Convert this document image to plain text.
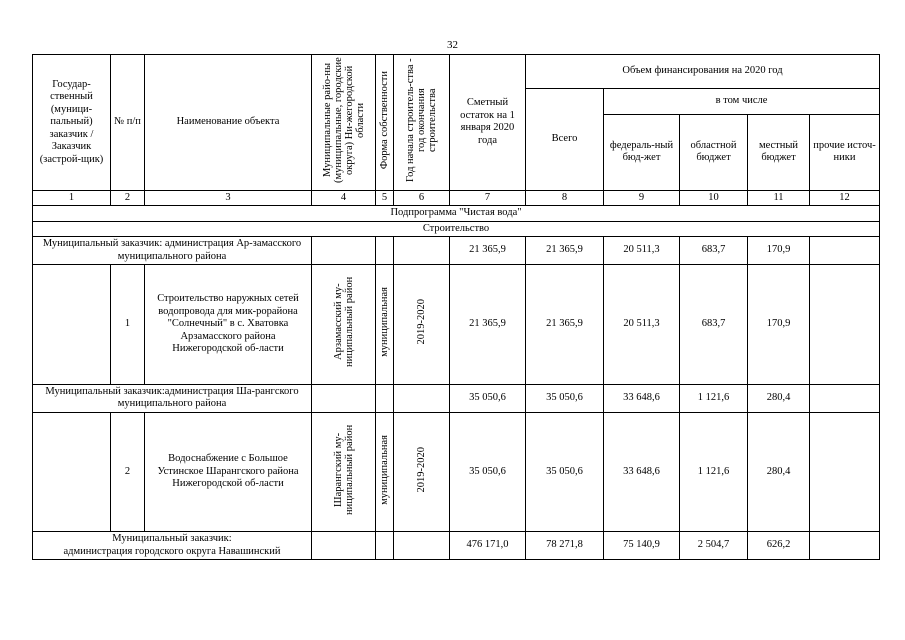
32
Государ-ственный (муници-пальный) заказчик / Заказчик (застрой-щик)	№ п/п	Наименование объекта	Муниципальные райо-ны (муниципальные, городские округа) Ни-жегородской области	Форма собственности	Год начала строитель-ства - год окончания строительства	Сметный остаток на 1 января 2020 года	Объем финансирования на 2020 год				
							Всего	в том числе			
								федераль-ный бюд-жет	областной бюджет	местный бюджет	прочие источ-ники
1	2	3	4	5	6	7	8	9	10	11	12
Подпрограмма "Чистая вода"											
Строительство											
Муниципальный заказчик: администрация Ар-замасского муниципального района						21 365,9	21 365,9	20 511,3	683,7	170,9	
	1	Строительство наружных сетей водопровода для мик-рорайона "Солнечный" в с. Хватовка Арзамасского района Нижегородской об-ласти	Арзамасский му-ниципальный район	муниципальная	2019-2020	21 365,9	21 365,9	20 511,3	683,7	170,9	
Муниципальный заказчик:администрация Ша-рангского муниципального района						35 050,6	35 050,6	33 648,6	1 121,6	280,4	
	2	Водоснабжение с Большое Устинское Шарангского района Нижегородской об-ласти	Шарангский му-ниципальный район	муниципальная	2019-2020	35 050,6	35 050,6	33 648,6	1 121,6	280,4	
Муниципальный заказчик:
администрация городского округа Навашинский						476 171,0	78 271,8	75 140,9	2 504,7	626,2	
